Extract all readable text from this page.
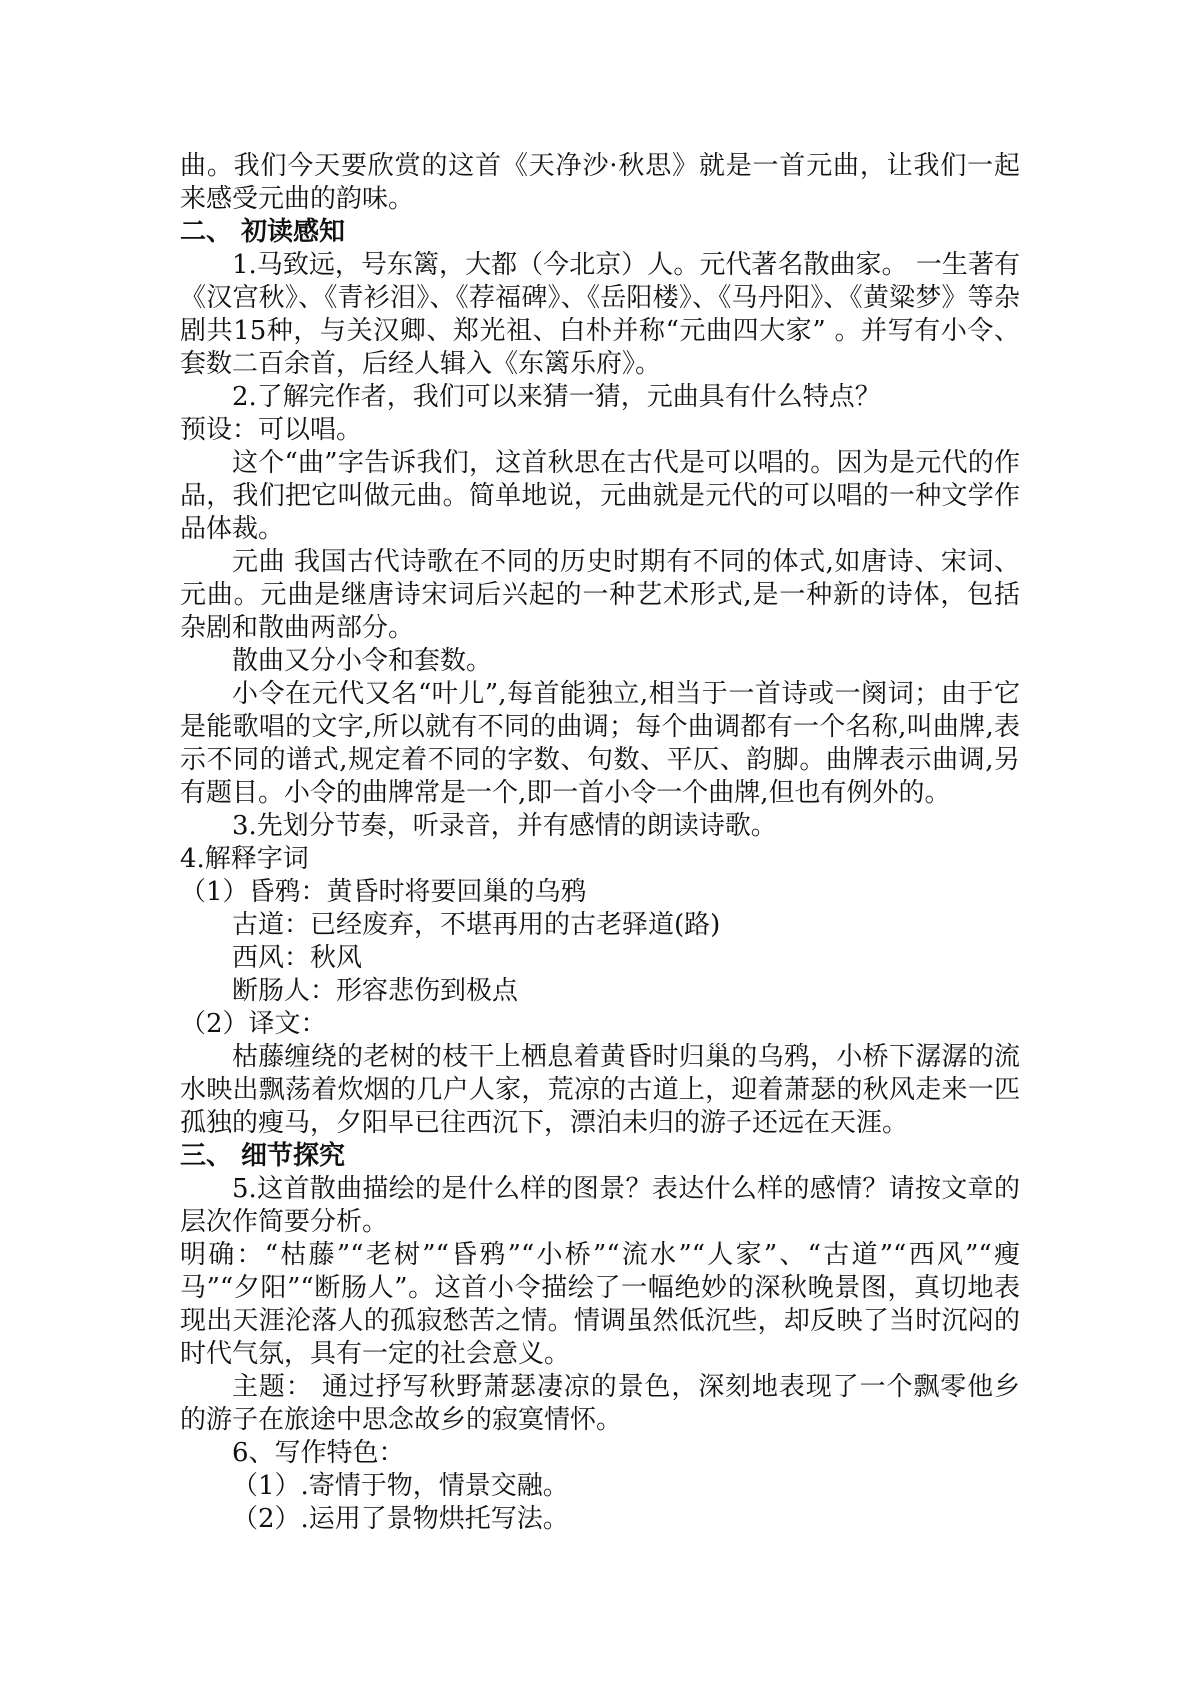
曲。我们今天要欣赏的这首《天净沙·秋思》就是一首元曲，让我们一起来感受元曲的韵味。

二、 初读感知

1.马致远，号东篱，大都（今北京）人。元代著名散曲家。 一生著有《汉宫秋》、《青衫泪》、《荐福碑》、《岳阳楼》、《马丹阳》、《黄粱梦》等杂剧共15种，与关汉卿、郑光祖、白朴并称“元曲四大家” 。并写有小令、套数二百余首，后经人辑入《东篱乐府》。

2.了解完作者，我们可以来猜一猜，元曲具有什么特点？

预设：可以唱。

这个“曲”字告诉我们，这首秋思在古代是可以唱的。因为是元代的作品，我们把它叫做元曲。简单地说，元曲就是元代的可以唱的一种文学作品体裁。

元曲 我国古代诗歌在不同的历史时期有不同的体式,如唐诗、宋词、元曲。元曲是继唐诗宋词后兴起的一种艺术形式,是一种新的诗体，包括杂剧和散曲两部分。

散曲又分小令和套数。

小令在元代又名“叶儿”,每首能独立,相当于一首诗或一阕词；由于它是能歌唱的文字,所以就有不同的曲调；每个曲调都有一个名称,叫曲牌,表示不同的谱式,规定着不同的字数、句数、平仄、韵脚。曲牌表示曲调,另有题目。小令的曲牌常是一个,即一首小令一个曲牌,但也有例外的。

3.先划分节奏，听录音，并有感情的朗读诗歌。

4.解释字词

（1）昏鸦：黄昏时将要回巢的乌鸦

古道：已经废弃，不堪再用的古老驿道(路)

西风：秋风

断肠人：形容悲伤到极点

（2）译文：

枯藤缠绕的老树的枝干上栖息着黄昏时归巢的乌鸦，小桥下潺潺的流水映出飘荡着炊烟的几户人家，荒凉的古道上，迎着萧瑟的秋风走来一匹孤独的瘦马，夕阳早已往西沉下，漂泊未归的游子还远在天涯。

三、 细节探究

5.这首散曲描绘的是什么样的图景？表达什么样的感情？请按文章的层次作简要分析。

明确：“枯藤”“老树”“昏鸦”“小桥”“流水”“人家”、“古道”“西风”“瘦马”“夕阳”“断肠人”。这首小令描绘了一幅绝妙的深秋晚景图，真切地表现出天涯沦落人的孤寂愁苦之情。情调虽然低沉些，却反映了当时沉闷的时代气氛，具有一定的社会意义。

主题： 通过抒写秋野萧瑟凄凉的景色，深刻地表现了一个飘零他乡的游子在旅途中思念故乡的寂寞情怀。

6、写作特色：

（1）.寄情于物，情景交融。

（2）.运用了景物烘托写法。
